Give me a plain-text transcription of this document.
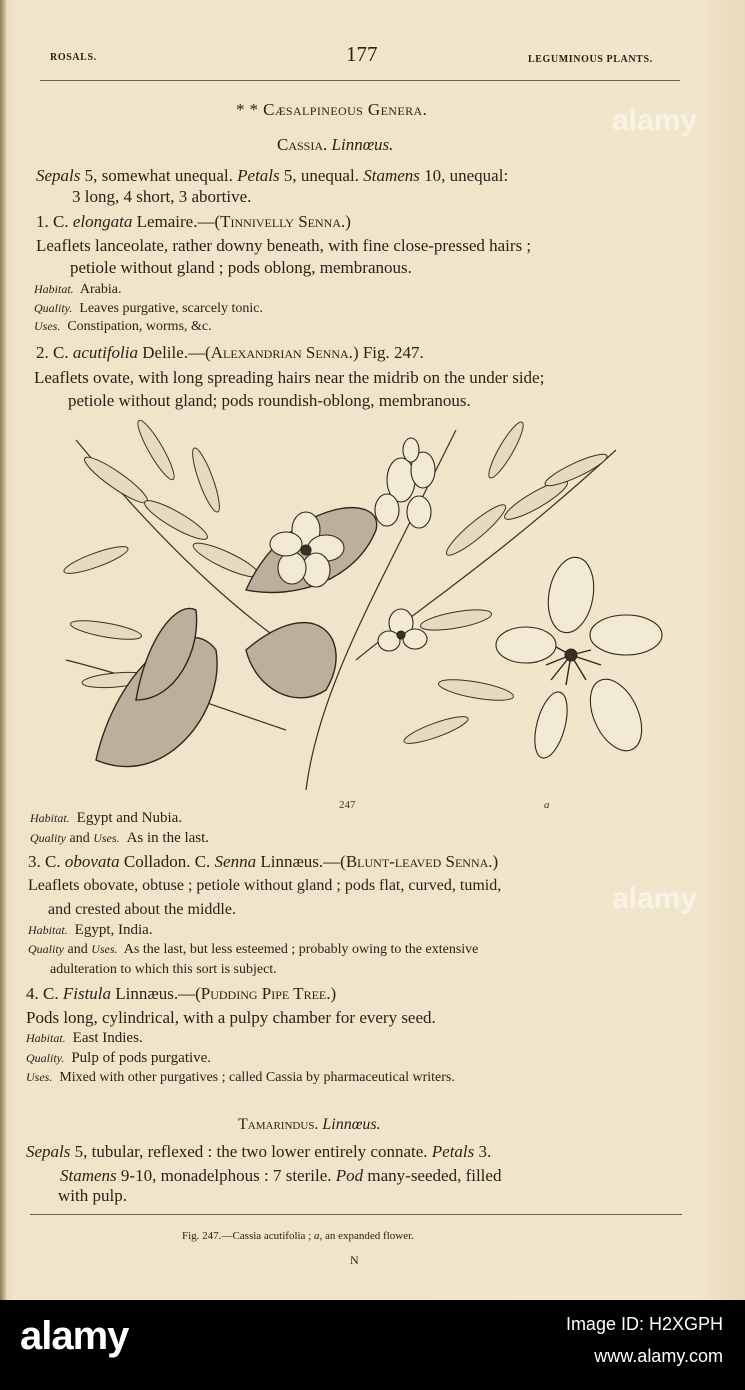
ROSALS.	177	LEGUMINOUS PLANTS.
* * Cæsalpineous Genera.
Cassia. Linnœus.
Sepals 5, somewhat unequal. Petals 5, unequal. Stamens 10, unequal:
3 long, 4 short, 3 abortive.
1. C. elongata Lemaire.—(Tinnivelly Senna.)
Leaflets lanceolate, rather downy beneath, with fine close-pressed hairs ;
petiole without gland ; pods oblong, membranous.
Habitat. Arabia.
Quality. Leaves purgative, scarcely tonic.
Uses. Constipation, worms, &c.
2. C. acutifolia Delile.—(Alexandrian Senna.) Fig. 247.
Leaflets ovate, with long spreading hairs near the midrib on the under side;
petiole without gland; pods roundish-oblong, membranous.
247	a
Habitat. Egypt and Nubia.
Quality and Uses. As in the last.
3. C. obovata Colladon. C. Senna Linnæus.—(Blunt-leaved Senna.)
Leaflets obovate, obtuse ; petiole without gland ; pods flat, curved, tumid,
and crested about the middle.
Habitat. Egypt, India.
Quality and Uses. As the last, but less esteemed ; probably owing to the extensive
adulteration to which this sort is subject.
4. C. Fistula Linnæus.—(Pudding Pipe Tree.)
Pods long, cylindrical, with a pulpy chamber for every seed.
Habitat. East Indies.
Quality. Pulp of pods purgative.
Uses. Mixed with other purgatives ; called Cassia by pharmaceutical writers.
Tamarindus. Linnœus.
Sepals 5, tubular, reflexed : the two lower entirely connate. Petals 3.
Stamens 9-10, monadelphous : 7 sterile. Pod many-seeded, filled
with pulp.
Fig. 247.—Cassia acutifolia ; a, an expanded flower.
N
alamy
alamy
alamy	Image ID: H2XGPH
www.alamy.com
